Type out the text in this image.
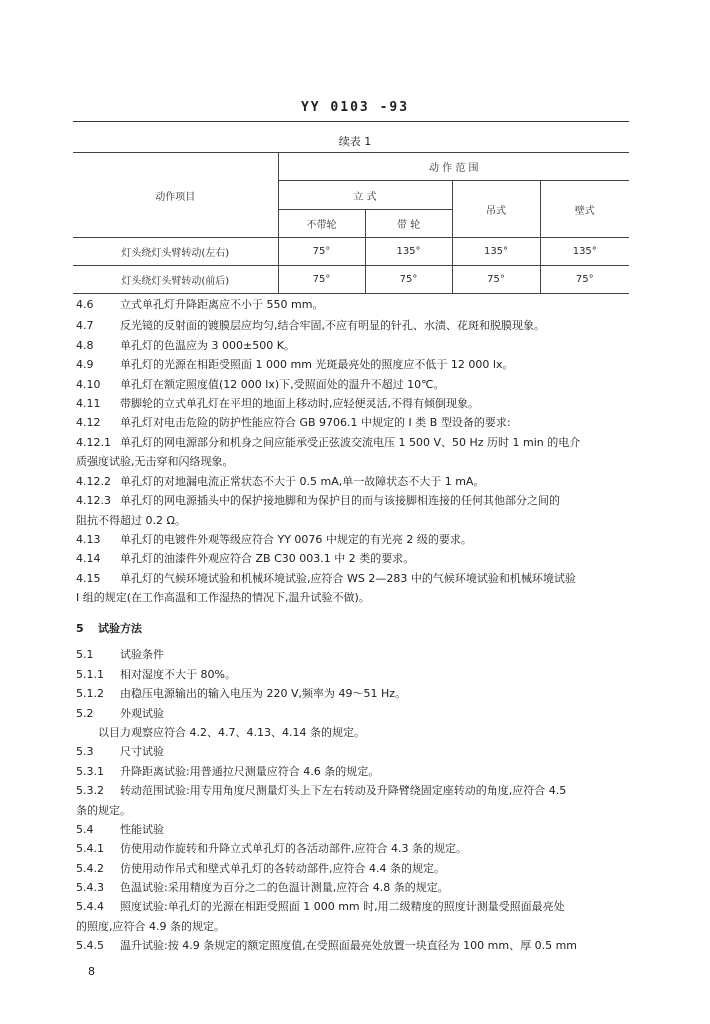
YY 0103 -93
续表 1
动作项目	动 作 范 围			
	立 式		吊式	壁式
	不带轮	带 轮		
灯头绕灯头臂转动(左右)	75°	135°	135°	135°
灯头绕灯头臂转动(前后)	75°	75°	75°	75°
4.6 立式单孔灯升降距离应不小于 550 mm。
4.7 反光镜的反射面的镀膜层应均匀,结合牢固,不应有明显的针孔、水渍、花斑和脱膜现象。
4.8 单孔灯的色温应为 3 000±500 K。
4.9 单孔灯的光源在相距受照面 1 000 mm 光斑最亮处的照度应不低于 12 000 lx。
4.10 单孔灯在额定照度值(12 000 lx)下,受照面处的温升不超过 10℃。
4.11 带脚轮的立式单孔灯在平坦的地面上移动时,应轻便灵活,不得有倾倒现象。
4.12 单孔灯对电击危险的防护性能应符合 GB 9706.1 中规定的 I 类 B 型设备的要求:
4.12.1 单孔灯的网电源部分和机身之间应能承受正弦波交流电压 1 500 V、50 Hz 历时 1 min 的电介
质强度试验,无击穿和闪络现象。
4.12.2 单孔灯的对地漏电流正常状态不大于 0.5 mA,单一故障状态不大于 1 mA。
4.12.3 单孔灯的网电源插头中的保护接地脚和为保护目的而与该接脚相连接的任何其他部分之间的
阻抗不得超过 0.2 Ω。
4.13 单孔灯的电镀件外观等级应符合 YY 0076 中规定的有光亮 2 级的要求。
4.14 单孔灯的油漆件外观应符合 ZB C30 003.1 中 2 类的要求。
4.15 单孔灯的气候环境试验和机械环境试验,应符合 WS 2—283 中的气候环境试验和机械环境试验
I 组的规定(在工作高温和工作湿热的情况下,温升试验不做)。
5 试验方法
5.1 试验条件
5.1.1 相对湿度不大于 80%。
5.1.2 由稳压电源输出的输入电压为 220 V,频率为 49～51 Hz。
5.2 外观试验
以目力观察应符合 4.2、4.7、4.13、4.14 条的规定。
5.3 尺寸试验
5.3.1 升降距离试验:用普通拉尺测量应符合 4.6 条的规定。
5.3.2 转动范围试验:用专用角度尺测量灯头上下左右转动及升降臂绕固定座转动的角度,应符合 4.5
条的规定。
5.4 性能试验
5.4.1 仿使用动作旋转和升降立式单孔灯的各活动部件,应符合 4.3 条的规定。
5.4.2 仿使用动作吊式和壁式单孔灯的各转动部件,应符合 4.4 条的规定。
5.4.3 色温试验:采用精度为百分之二的色温计测量,应符合 4.8 条的规定。
5.4.4 照度试验:单孔灯的光源在相距受照面 1 000 mm 时,用二级精度的照度计测量受照面最亮处
的照度,应符合 4.9 条的规定。
5.4.5 温升试验:按 4.9 条规定的额定照度值,在受照面最亮处放置一块直径为 100 mm、厚 0.5 mm
8
